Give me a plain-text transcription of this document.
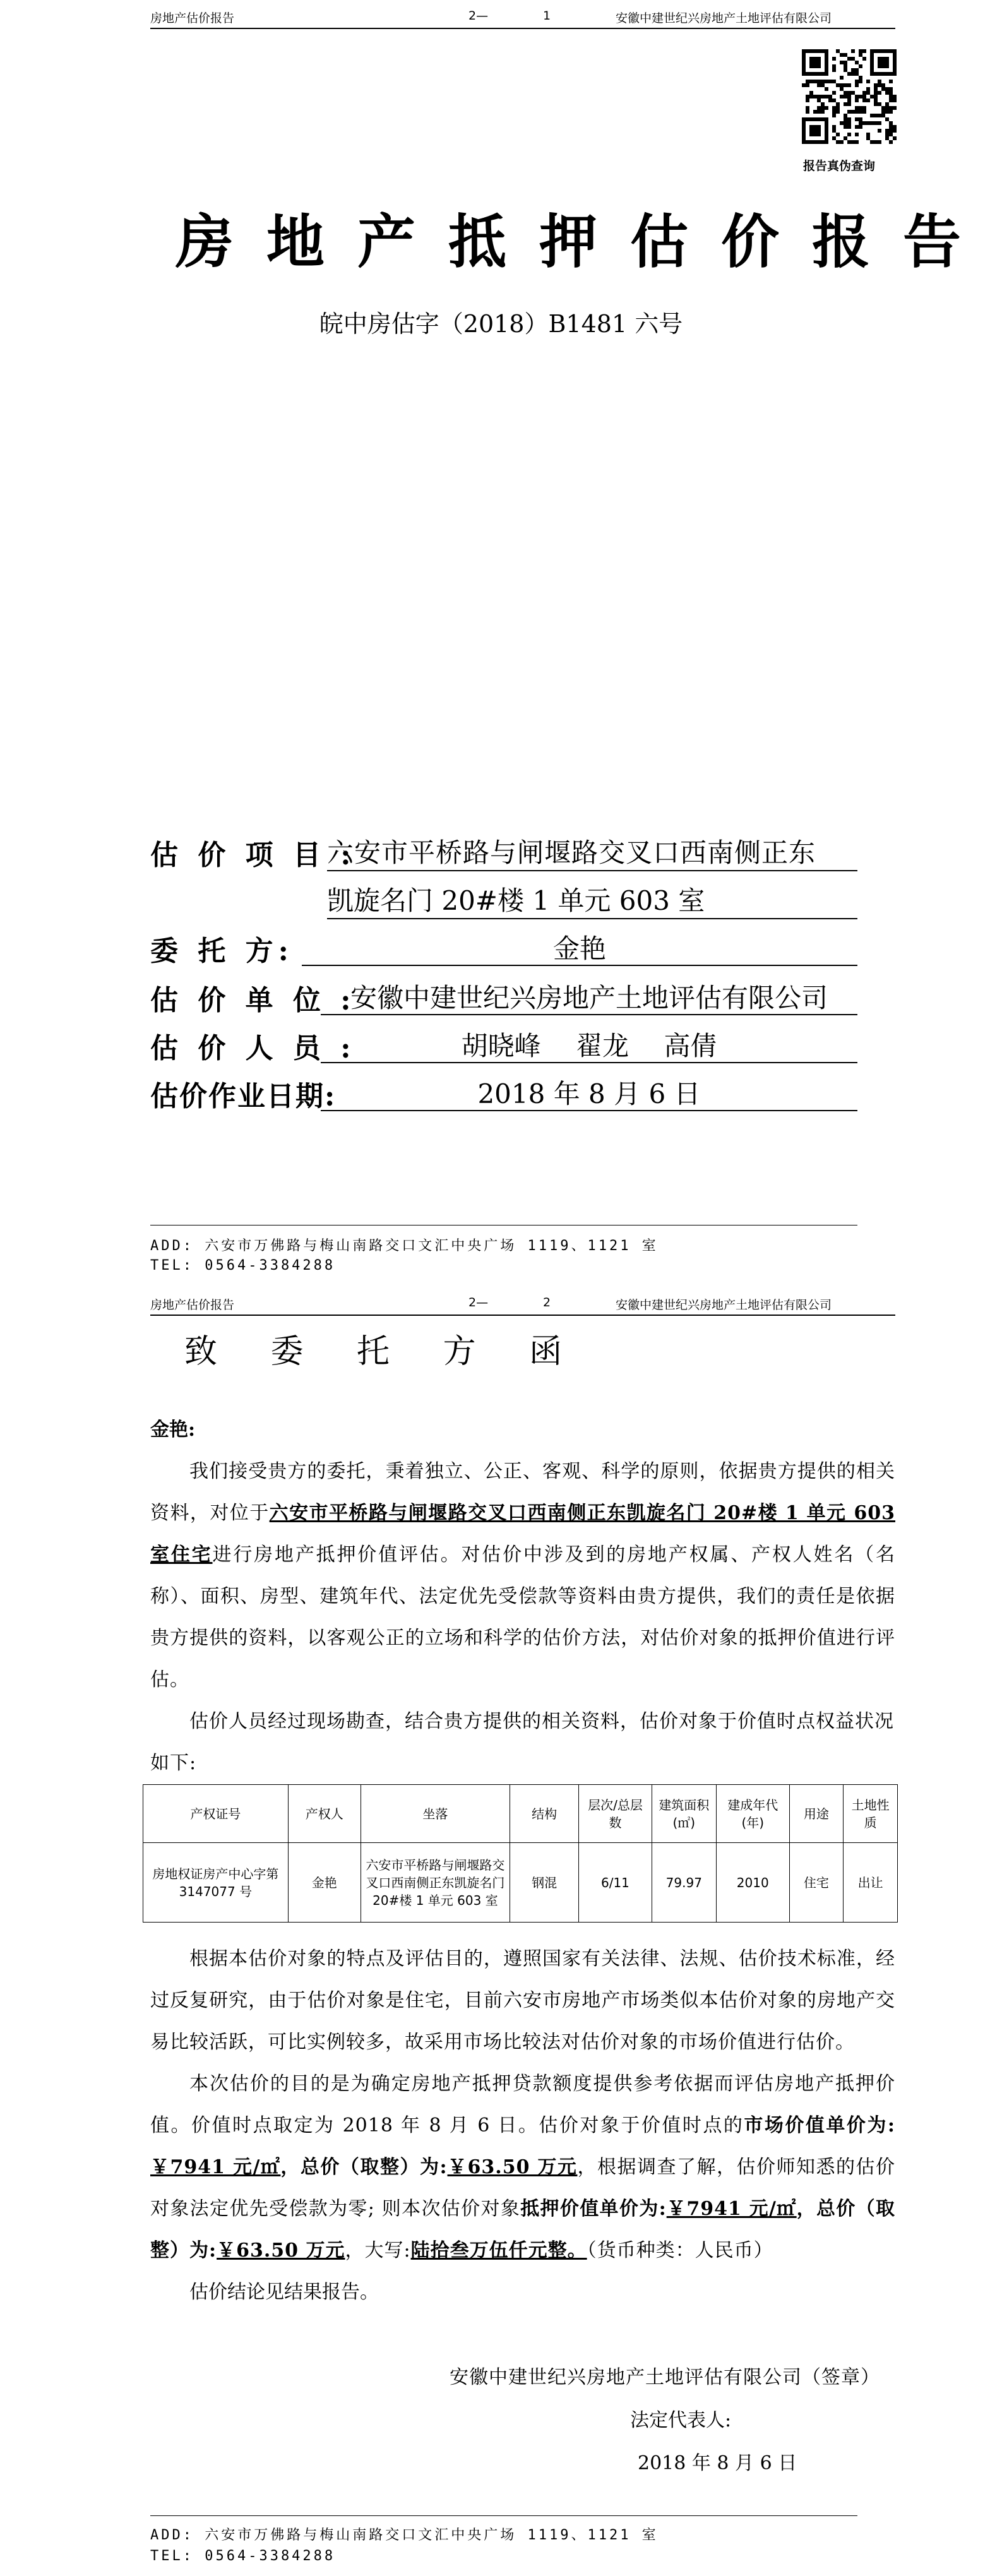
房地产估价报告	2—	1	安徽中建世纪兴房地产土地评估有限公司
报告真伪查询
房地产抵押估价报告
皖中房估字（2018）B1481 六号
估 价 项 目 :
六安市平桥路与闸堰路交叉口西南侧正东
凯旋名门 20#楼 1 单元 603 室
委 托 方:	金艳
估 价 单 位 :
安徽中建世纪兴房地产土地评估有限公司
估 价 人 员 :	胡晓峰　 翟龙　 高倩
估价作业日期:	2018 年 8 月 6 日
ADD: 六安市万佛路与梅山南路交口文汇中央广场 1119、1121 室
TEL: 0564-3384288
房地产估价报告	2—	2	安徽中建世纪兴房地产土地评估有限公司
致 委 托 方 函
金艳:
我们接受贵方的委托，秉着独立、公正、客观、科学的原则，依据贵方提供的相关资料，对位于六安市平桥路与闸堰路交叉口西南侧正东凯旋名门 20#楼 1 单元 603 室住宅进行房地产抵押价值评估。对估价中涉及到的房地产权属、产权人姓名（名称）、面积、房型、建筑年代、法定优先受偿款等资料由贵方提供，我们的责任是依据贵方提供的资料，以客观公正的立场和科学的估价方法，对估价对象的抵押价值进行评估。
估价人员经过现场勘查，结合贵方提供的相关资料，估价对象于价值时点权益状况如下:
产权证号	产权人	坐落	结构	层次/总层数	建筑面积(㎡)	建成年代(年)	用途	土地性质
房地权证房产中心字第 3147077 号	金艳	六安市平桥路与闸堰路交叉口西南侧正东凯旋名门 20#楼 1 单元 603 室	钢混	6/11	79.97	2010	住宅	出让
根据本估价对象的特点及评估目的，遵照国家有关法律、法规、估价技术标准，经过反复研究，由于估价对象是住宅，目前六安市房地产市场类似本估价对象的房地产交易比较活跃，可比实例较多，故采用市场比较法对估价对象的市场价值进行估价。
本次估价的目的是为确定房地产抵押贷款额度提供参考依据而评估房地产抵押价值。价值时点取定为 2018 年 8 月 6 日。估价对象于价值时点的市场价值单价为:￥7941 元/㎡，总价（取整）为:￥63.50 万元，根据调查了解，估价师知悉的估价对象法定优先受偿款为零; 则本次估价对象抵押价值单价为:￥7941 元/㎡，总价（取整）为:￥63.50 万元，大写:陆拾叁万伍仟元整。（货币种类：人民币）
估价结论见结果报告。
安徽中建世纪兴房地产土地评估有限公司（签章）
法定代表人:
2018 年 8 月 6 日
ADD: 六安市万佛路与梅山南路交口文汇中央广场 1119、1121 室
TEL: 0564-3384288
